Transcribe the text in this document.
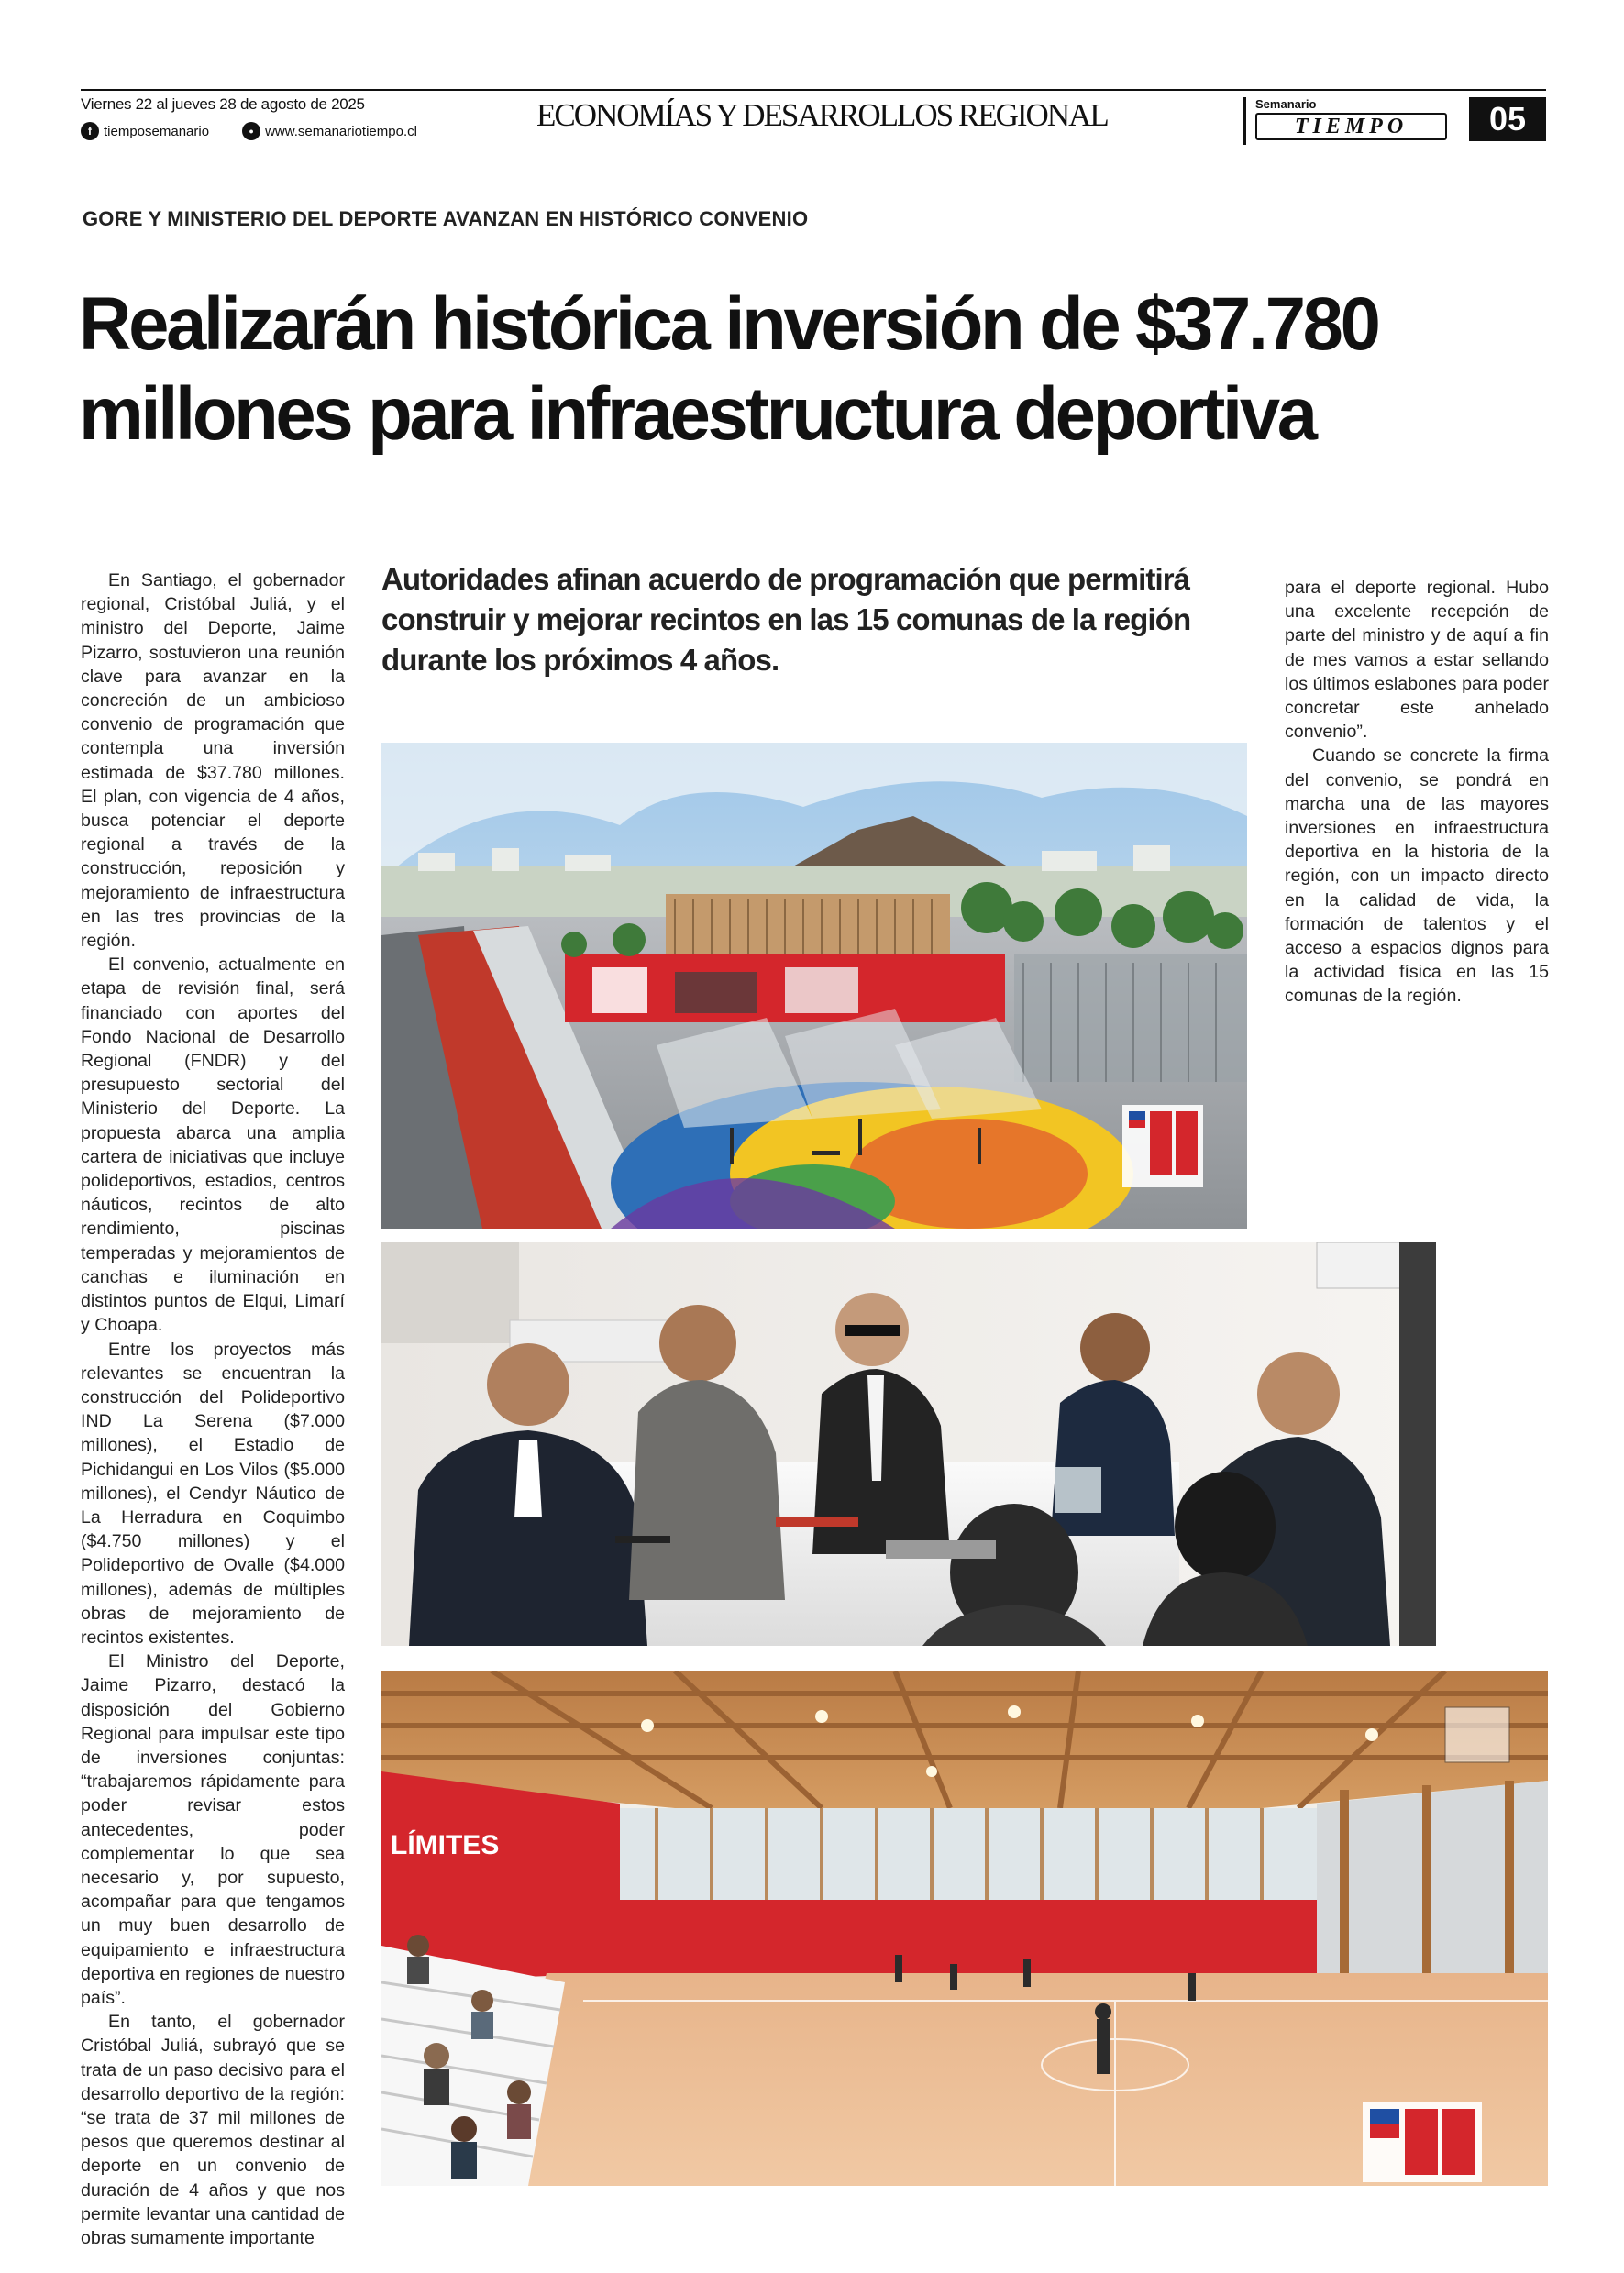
Viernes 22 al jueves 28 de agosto de 2025
f tiemposemanario	● www.semanariotiempo.cl	ECONOMÍAS Y DESARROLLOS REGIONAL	Semanario
TIEMPO	05
GORE Y MINISTERIO DEL DEPORTE AVANZAN EN HISTÓRICO CONVENIO
Realizarán histórica inversión de $37.780 millones para infraestructura deportiva
Autoridades afinan acuerdo de programación que permitirá construir y mejorar recintos en las 15 comunas de la región durante los próximos 4 años.

En Santiago, el gobernador regional, Cristóbal Juliá, y el ministro del Deporte, Jaime Pizarro, sostuvieron una reunión clave para avanzar en la concreción de un ambicioso convenio de programación que contempla una inversión estimada de $37.780 millones. El plan, con vigencia de 4 años, busca potenciar el deporte regional a través de la construcción, reposición y mejoramiento de infraestructura en las tres provincias de la región.

El convenio, actualmente en etapa de revisión final, será financiado con aportes del Fondo Nacional de Desarrollo Regional (FNDR) y del presupuesto sectorial del Ministerio del Deporte. La propuesta abarca una amplia cartera de iniciativas que incluye polideportivos, estadios, centros náuticos, recintos de alto rendimiento, piscinas temperadas y mejoramientos de canchas e iluminación en distintos puntos de Elqui, Limarí y Choapa.

Entre los proyectos más relevantes se encuentran la construcción del Polideportivo IND La Serena ($7.000 millones), el Estadio de Pichidangui en Los Vilos ($5.000 millones), el Cendyr Náutico de La Herradura en Coquimbo ($4.750 millones) y el Polideportivo de Ovalle ($4.000 millones), además de múltiples obras de mejoramiento de recintos existentes.

El Ministro del Deporte, Jaime Pizarro, destacó la disposición del Gobierno Regional para impulsar este tipo de inversiones conjuntas: “trabajaremos rápidamente para poder revisar estos antecedentes, poder complementar lo que sea necesario y, por supuesto, acompañar para que tengamos un muy buen desarrollo de equipamiento e infraestructura deportiva en regiones de nuestro país”.

En tanto, el gobernador Cristóbal Juliá, subrayó que se trata de un paso decisivo para el desarrollo deportivo de la región: “se trata de 37 mil millones de pesos que queremos destinar al deporte en un convenio de duración de 4 años y que nos permite levantar una cantidad de obras sumamente importante

para el deporte regional. Hubo una excelente recepción de parte del ministro y de aquí a fin de mes vamos a estar sellando los últimos eslabones para poder concretar este anhelado convenio”.

Cuando se concrete la firma del convenio, se pondrá en marcha una de las mayores inversiones en infraestructura deportiva en la historia de la región, con un impacto directo en la calidad de vida, la formación de talentos y el acceso a espacios dignos para la actividad física en las 15 comunas de la región.

LÍMITES
